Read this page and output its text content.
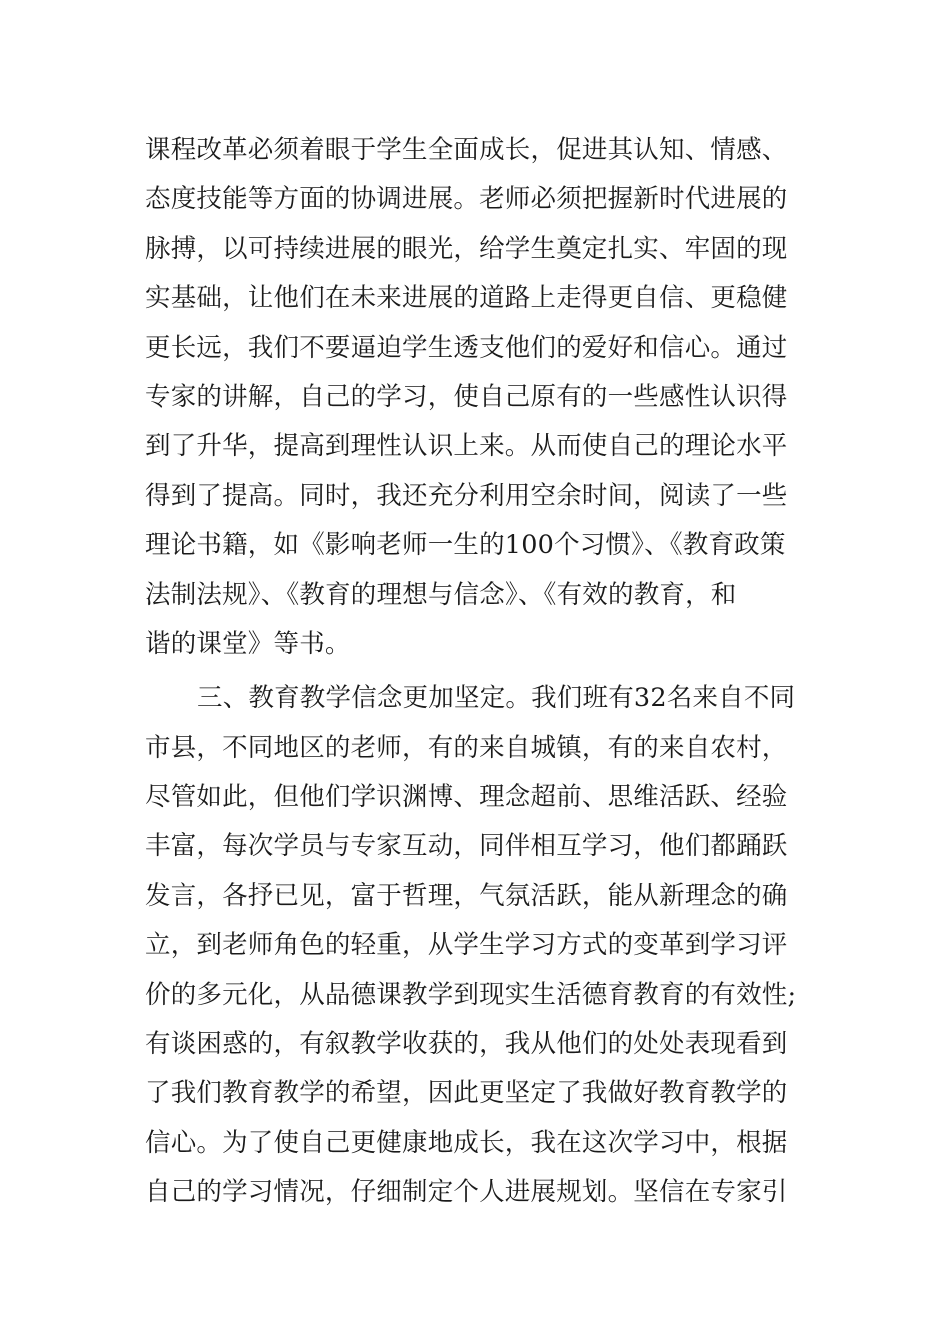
课程改革必须着眼于学生全面成长，促进其认知、情感、
态度技能等方面的协调进展。老师必须把握新时代进展的
脉搏，以可持续进展的眼光，给学生奠定扎实、牢固的现
实基础，让他们在未来进展的道路上走得更自信、更稳健
更长远，我们不要逼迫学生透支他们的爱好和信心。通过
专家的讲解，自己的学习，使自己原有的一些感性认识得
到了升华，提高到理性认识上来。从而使自己的理论水平
得到了提高。同时，我还充分利用空余时间，阅读了一些
理论书籍，如《影响老师一生的100个习惯》、《教育政策
法制法规》、《教育的理想与信念》、《有效的教育，和
谐的课堂》等书。
三、教育教学信念更加坚定。我们班有32名来自不同
市县，不同地区的老师，有的来自城镇，有的来自农村，
尽管如此，但他们学识渊博、理念超前、思维活跃、经验
丰富，每次学员与专家互动，同伴相互学习，他们都踊跃
发言，各抒已见，富于哲理，气氛活跃，能从新理念的确
立，到老师角色的轻重，从学生学习方式的变革到学习评
价的多元化，从品德课教学到现实生活德育教育的有效性;
有谈困惑的，有叙教学收获的，我从他们的处处表现看到
了我们教育教学的希望，因此更坚定了我做好教育教学的
信心。为了使自己更健康地成长，我在这次学习中，根据
自己的学习情况，仔细制定个人进展规划。坚信在专家引
